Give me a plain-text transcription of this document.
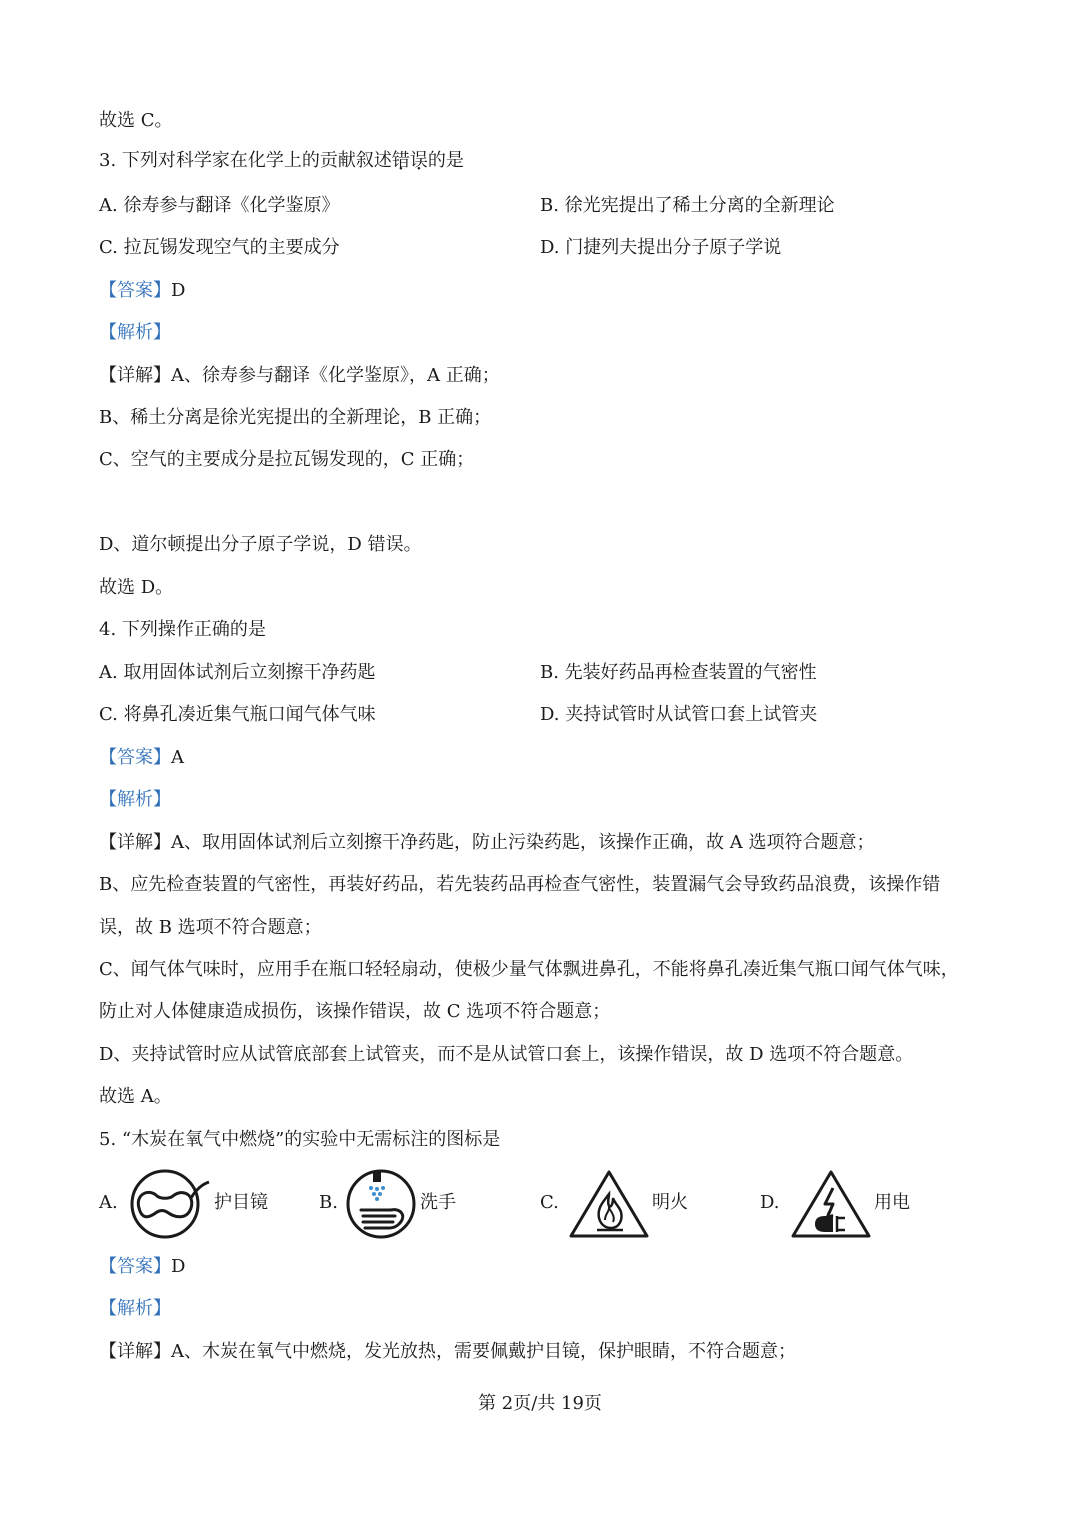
故选 C。
3. 下列对科学家在化学上的贡献叙述错误的是
A. 徐寿参与翻译《化学鉴原》	B. 徐光宪提出了稀土分离的全新理论
C. 拉瓦锡发现空气的主要成分	D. 门捷列夫提出分子原子学说
【答案】D
【解析】
【详解】A、徐寿参与翻译《化学鉴原》，A 正确；
B、稀土分离是徐光宪提出的全新理论，B 正确；
C、空气的主要成分是拉瓦锡发现的，C 正确；
D、道尔顿提出分子原子学说，D 错误。
故选 D。
4. 下列操作正确的是
A. 取用固体试剂后立刻擦干净药匙	B. 先装好药品再检查装置的气密性
C. 将鼻孔凑近集气瓶口闻气体气味	D. 夹持试管时从试管口套上试管夹
【答案】A
【解析】
【详解】A、取用固体试剂后立刻擦干净药匙，防止污染药匙，该操作正确，故 A 选项符合题意；
B、应先检查装置的气密性，再装好药品，若先装药品再检查气密性，装置漏气会导致药品浪费，该操作错
误，故 B 选项不符合题意；
C、闻气体气味时，应用手在瓶口轻轻扇动，使极少量气体飘进鼻孔，不能将鼻孔凑近集气瓶口闻气体气味，
防止对人体健康造成损伤，该操作错误，故 C 选项不符合题意；
D、夹持试管时应从试管底部套上试管夹，而不是从试管口套上，该操作错误，故 D 选项不符合题意。
故选 A。
5. “木炭在氧气中燃烧”的实验中无需标注的图标是
A.	护目镜	B.	洗手	C.	明火	D.	用电
【答案】D
【解析】
【详解】A、木炭在氧气中燃烧，发光放热，需要佩戴护目镜，保护眼睛，不符合题意；
第 2页/共 19页
